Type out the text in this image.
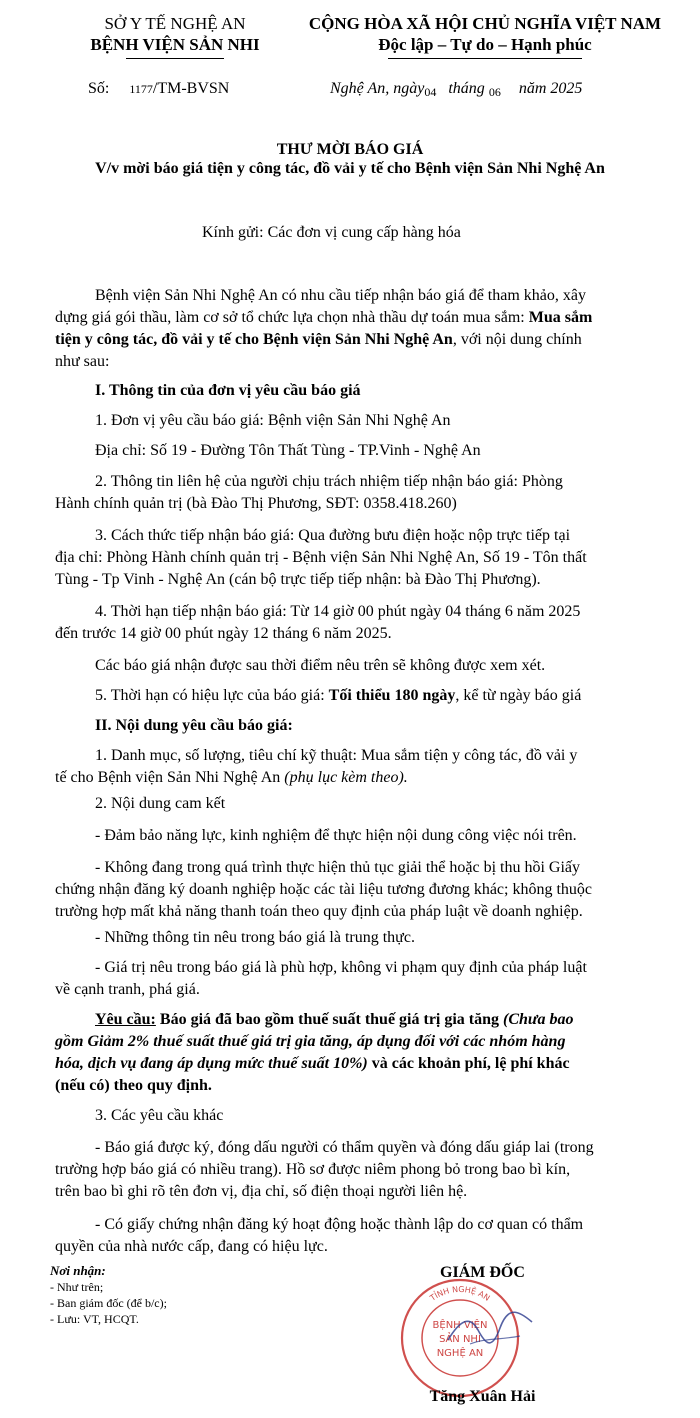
SỞ Y TẾ NGHỆ AN
BỆNH VIỆN SẢN NHI
CỘNG HÒA XÃ HỘI CHỦ NGHĨA VIỆT NAM
Độc lập – Tự do – Hạnh phúc
Số: 1177/TM-BVSN	Nghệ An, ngày04 tháng 06 năm 2025
THƯ MỜI BÁO GIÁ
V/v mời báo giá tiện y công tác, đồ vải y tế cho Bệnh viện Sản Nhi Nghệ An
Kính gửi: Các đơn vị cung cấp hàng hóa

Bệnh viện Sản Nhi Nghệ An có nhu cầu tiếp nhận báo giá để tham khảo, xây

dựng giá gói thầu, làm cơ sở tổ chức lựa chọn nhà thầu dự toán mua sắm: Mua sắm

tiện y công tác, đồ vải y tế cho Bệnh viện Sản Nhi Nghệ An, với nội dung chính

như sau:

I. Thông tin của đơn vị yêu cầu báo giá

1. Đơn vị yêu cầu báo giá: Bệnh viện Sản Nhi Nghệ An

Địa chỉ: Số 19 - Đường Tôn Thất Tùng - TP.Vinh - Nghệ An

2. Thông tin liên hệ của người chịu trách nhiệm tiếp nhận báo giá: Phòng

Hành chính quản trị (bà Đào Thị Phương, SĐT: 0358.418.260)

3. Cách thức tiếp nhận báo giá: Qua đường bưu điện hoặc nộp trực tiếp tại

địa chỉ: Phòng Hành chính quản trị - Bệnh viện Sản Nhi Nghệ An, Số 19 - Tôn thất

Tùng - Tp Vinh - Nghệ An (cán bộ trực tiếp tiếp nhận: bà Đào Thị Phương).

4. Thời hạn tiếp nhận báo giá: Từ 14 giờ 00 phút ngày 04 tháng 6 năm 2025

đến trước 14 giờ 00 phút ngày 12 tháng 6 năm 2025.

Các báo giá nhận được sau thời điểm nêu trên sẽ không được xem xét.

5. Thời hạn có hiệu lực của báo giá: Tối thiểu 180 ngày, kể từ ngày báo giá

II. Nội dung yêu cầu báo giá:

1. Danh mục, số lượng, tiêu chí kỹ thuật: Mua sắm tiện y công tác, đồ vải y

tế cho Bệnh viện Sản Nhi Nghệ An (phụ lục kèm theo).

2. Nội dung cam kết

- Đảm bảo năng lực, kinh nghiệm để thực hiện nội dung công việc nói trên.

- Không đang trong quá trình thực hiện thủ tục giải thể hoặc bị thu hồi Giấy

chứng nhận đăng ký doanh nghiệp hoặc các tài liệu tương đương khác; không thuộc

trường hợp mất khả năng thanh toán theo quy định của pháp luật về doanh nghiệp.

- Những thông tin nêu trong báo giá là trung thực.

- Giá trị nêu trong báo giá là phù hợp, không vi phạm quy định của pháp luật

về cạnh tranh, phá giá.

Yêu cầu: Báo giá đã bao gồm thuế suất thuế giá trị gia tăng (Chưa bao

gồm Giảm 2% thuế suất thuế giá trị gia tăng, áp dụng đối với các nhóm hàng

hóa, dịch vụ đang áp dụng mức thuế suất 10%) và các khoản phí, lệ phí khác

(nếu có) theo quy định.

3. Các yêu cầu khác

- Báo giá được ký, đóng dấu người có thẩm quyền và đóng dấu giáp lai (trong

trường hợp báo giá có nhiều trang). Hồ sơ được niêm phong bỏ trong bao bì kín,

trên bao bì ghi rõ tên đơn vị, địa chỉ, số điện thoại người liên hệ.

- Có giấy chứng nhận đăng ký hoạt động hoặc thành lập do cơ quan có thẩm

quyền của nhà nước cấp, đang có hiệu lực.

Nơi nhận:
- Như trên;
- Ban giám đốc (để b/c);
- Lưu: VT, HCQT.
GIÁM ĐỐC
TỈNH NGHỆ AN
BỆNH VIỆN
SẢN NHI
NGHỆ AN
Tăng Xuân Hải
